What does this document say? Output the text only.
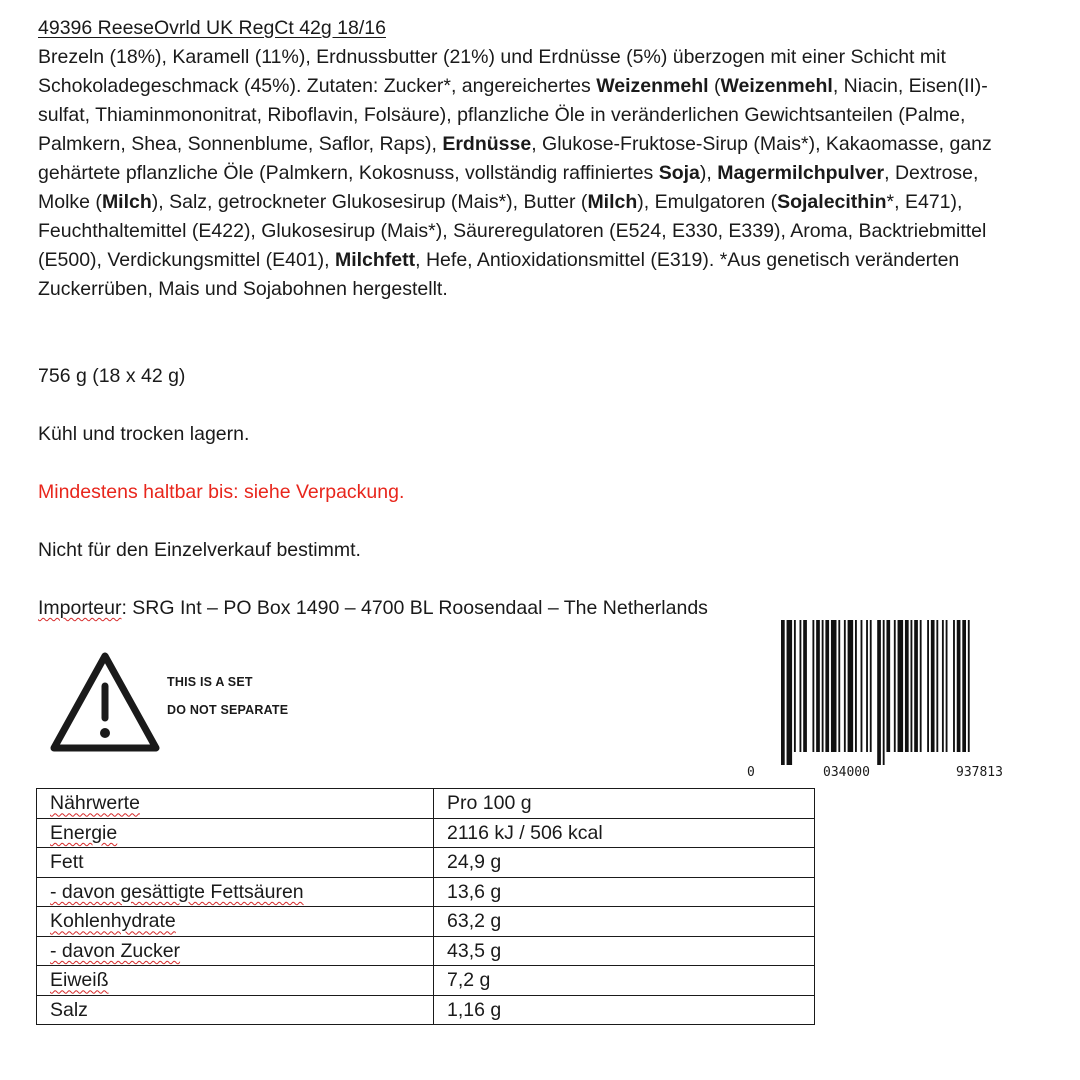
49396 ReeseOvrld UK RegCt 42g 18/16

Brezeln (18%), Karamell (11%), Erdnussbutter (21%) und Erdnüsse (5%) überzogen mit einer Schicht mit Schokoladegeschmack (45%). Zutaten: Zucker*, angereichertes Weizenmehl (Weizenmehl, Niacin, Eisen(II)-sulfat, Thiaminmononitrat, Riboflavin, Folsäure), pflanzliche Öle in veränderlichen Gewichtsanteilen (Palme, Palmkern, Shea, Sonnenblume, Saflor, Raps), Erdnüsse, Glukose-Fruktose-Sirup (Mais*), Kakaomasse, ganz gehärtete pflanzliche Öle (Palmkern, Kokosnuss, vollständig raffiniertes Soja), Magermilchpulver, Dextrose, Molke (Milch), Salz, getrockneter Glukosesirup (Mais*), Butter (Milch), Emulgatoren (Sojalecithin*, E471), Feuchthaltemittel (E422), Glukosesirup (Mais*), Säureregulatoren (E524, E330, E339), Aroma, Backtriebmittel (E500), Verdickungsmittel (E401), Milchfett, Hefe, Antioxidationsmittel (E319). *Aus genetisch veränderten Zuckerrüben, Mais und Sojabohnen hergestellt.

756 g (18 x 42 g)

Kühl und trocken lagern.

Mindestens haltbar bis: siehe Verpackung.

Nicht für den Einzelverkauf bestimmt.

Importeur: SRG Int – PO Box 1490 – 4700 BL Roosendaal – The Netherlands

THIS IS A SET
DO NOT SEPARATE
0	034000	937813
Nährwerte	Pro 100 g
Energie	2116 kJ / 506 kcal
Fett	24,9 g
- davon gesättigte Fettsäuren	13,6 g
Kohlenhydrate	63,2 g
- davon Zucker	43,5 g
Eiweiß	7,2 g
Salz	1,16 g
